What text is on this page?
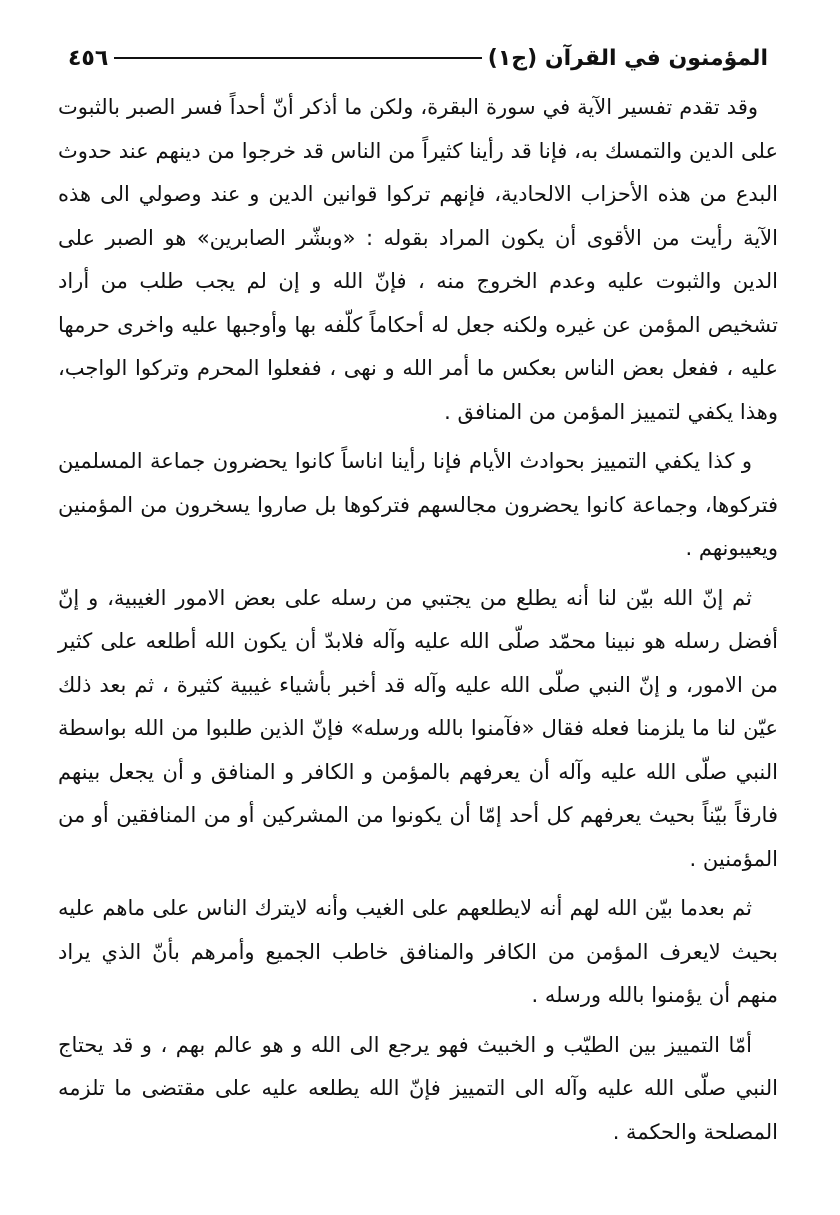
المؤمنون في القرآن (ج١)
٤٥٦

وقد تقدم تفسير الآية في سورة البقرة، ولكن ما أذكر أنّ أحداً فسر الصبر بالثبوت على الدين والتمسك به، فإنا قد رأينا كثيراً من الناس قد خرجوا من دينهم عند حدوث البدع من هذه الأحزاب الالحادية، فإنهم تركوا قوانين الدين و عند وصولي الى هذه الآية رأيت من الأقوى أن يكون المراد بقوله : «وبشّر الصابرين» هو الصبر على الدين والثبوت عليه وعدم الخروج منه ، فإنّ الله و إن لم يجب طلب من أراد تشخيص المؤمن عن غيره ولكنه جعل له أحكاماً كلّفه بها وأوجبها عليه واخرى حرمها عليه ، ففعل بعض الناس بعكس ما أمر الله و نهى ، ففعلوا المحرم وتركوا الواجب، وهذا يكفي لتمييز المؤمن من المنافق .

و كذا يكفي التمييز بحوادث الأيام فإنا رأينا اناساً كانوا يحضرون جماعة المسلمين فتركوها، وجماعة كانوا يحضرون مجالسهم فتركوها بل صاروا يسخرون من المؤمنين ويعيبونهم .

ثم إنّ الله بيّن لنا أنه يطلع من يجتبي من رسله على بعض الامور الغيبية، و إنّ أفضل رسله هو نبينا محمّد صلّى الله عليه وآله فلابدّ أن يكون الله أطلعه على كثير من الامور، و إنّ النبي صلّى الله عليه وآله قد أخبر بأشياء غيبية كثيرة ، ثم بعد ذلك عيّن لنا ما يلزمنا فعله فقال «فآمنوا بالله ورسله» فإنّ الذين طلبوا من الله بواسطة النبي صلّى الله عليه وآله أن يعرفهم بالمؤمن و الكافر و المنافق و أن يجعل بينهم فارقاً بيّناً بحيث يعرفهم كل أحد إمّا أن يكونوا من المشركين أو من المنافقين أو من المؤمنين .

ثم بعدما بيّن الله لهم أنه لايطلعهم على الغيب وأنه لايترك الناس على ماهم عليه بحيث لايعرف المؤمن من الكافر والمنافق خاطب الجميع وأمرهم بأنّ الذي يراد منهم أن يؤمنوا بالله ورسله .

أمّا التمييز بين الطيّب و الخبيث فهو يرجع الى الله و هو عالم بهم ، و قد يحتاج النبي صلّى الله عليه وآله الى التمييز فإنّ الله يطلعه عليه على مقتضى ما تلزمه المصلحة والحكمة .
